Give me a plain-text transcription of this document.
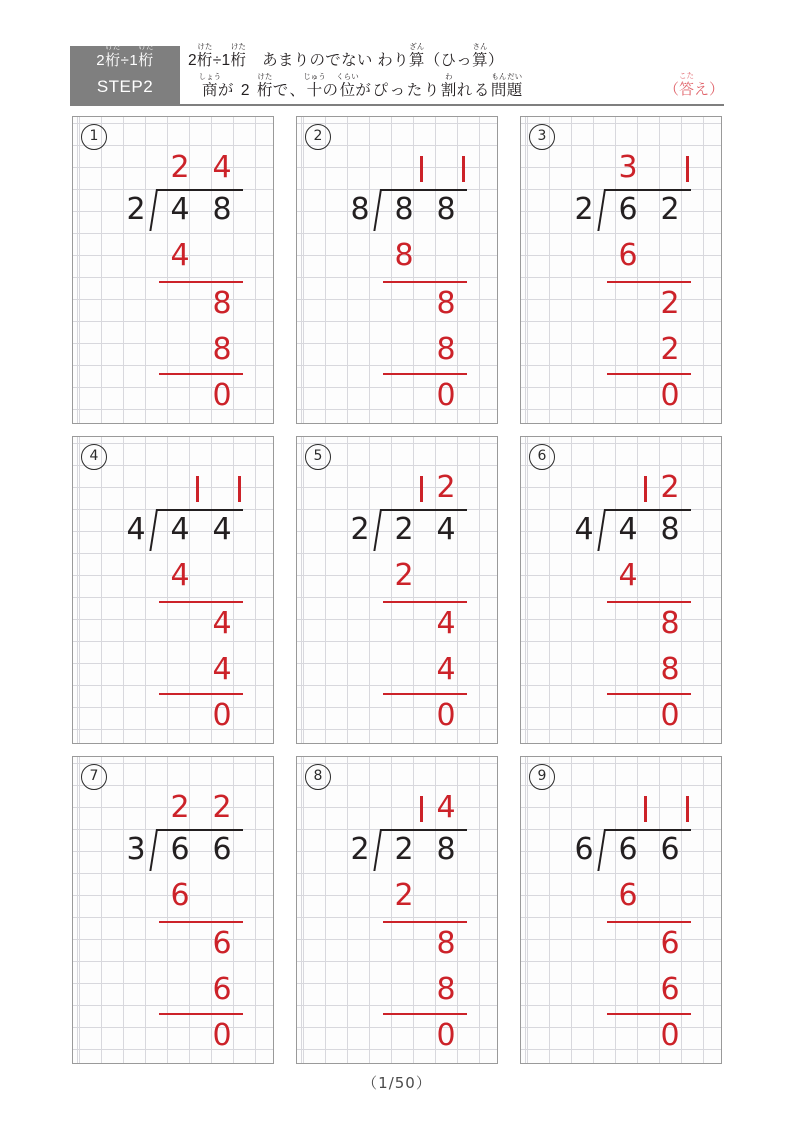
2桁
けた
÷1桁
けた
STEP2
2桁
けた
÷1桁
けた
　あまりのでない わり算
ざん
（ひっ算
さん
）
商
しょう
が 2 桁
けた
で、十
じゅう
の位
くらい
がぴったり割
わ
れる問
もん
題
だい
（答
こた
え）
1
2 4
2 4 8
4
8
8
0
2
8 8 8
8
8
8
0
3
3
2 6 2
6
2
2
0
4
4 4 4
4
4
4
0
5
2
2 2 4
2
4
4
0
6
2
4 4 8
4
8
8
0
7
2 2
3 6 6
6
6
6
0
8
4
2 2 8
2
8
8
0
9
6 6 6
6
6
6
0
（1/50）
